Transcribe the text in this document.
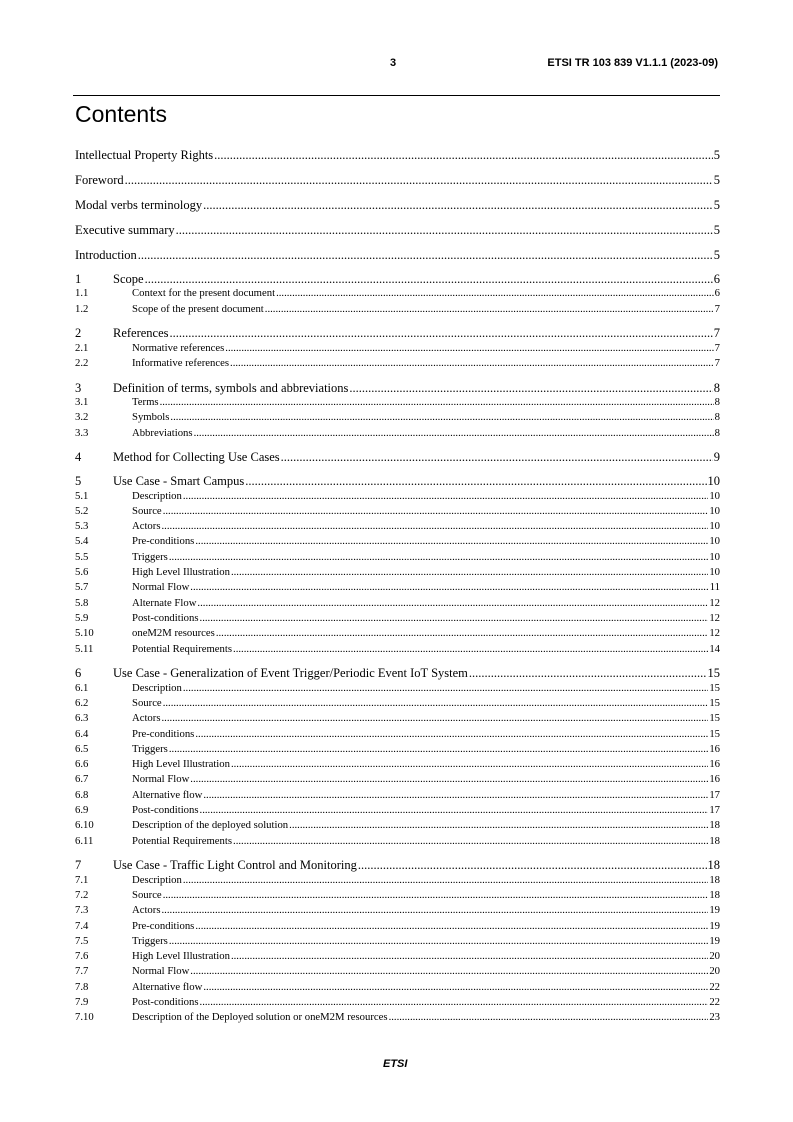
3	ETSI TR 103 839 V1.1.1 (2023-09)
Contents
Intellectual Property Rights .....	5
Foreword .....	5
Modal verbs terminology .....	5
Executive summary .....	5
Introduction .....	5
1	Scope .....	6
1.1	Context for the present document .....	6
1.2	Scope of the present document .....	7
2	References .....	7
2.1	Normative references .....	7
2.2	Informative references .....	7
3	Definition of terms, symbols and abbreviations .....	8
3.1	Terms .....	8
3.2	Symbols .....	8
3.3	Abbreviations .....	8
4	Method for Collecting Use Cases .....	9
5	Use Case - Smart Campus .....	10
5.1	Description .....	10
5.2	Source .....	10
5.3	Actors .....	10
5.4	Pre-conditions .....	10
5.5	Triggers .....	10
5.6	High Level Illustration .....	10
5.7	Normal Flow .....	11
5.8	Alternate Flow .....	12
5.9	Post-conditions .....	12
5.10	oneM2M resources .....	12
5.11	Potential Requirements .....	14
6	Use Case - Generalization of Event Trigger/Periodic Event IoT System .....	15
6.1	Description .....	15
6.2	Source .....	15
6.3	Actors .....	15
6.4	Pre-conditions .....	15
6.5	Triggers .....	16
6.6	High Level Illustration .....	16
6.7	Normal Flow .....	16
6.8	Alternative flow .....	17
6.9	Post-conditions .....	17
6.10	Description of the deployed solution .....	18
6.11	Potential Requirements .....	18
7	Use Case - Traffic Light Control and Monitoring .....	18
7.1	Description .....	18
7.2	Source .....	18
7.3	Actors .....	19
7.4	Pre-conditions .....	19
7.5	Triggers .....	19
7.6	High Level Illustration .....	20
7.7	Normal Flow .....	20
7.8	Alternative flow .....	22
7.9	Post-conditions .....	22
7.10	Description of the Deployed solution or oneM2M resources .....	23
ETSI
